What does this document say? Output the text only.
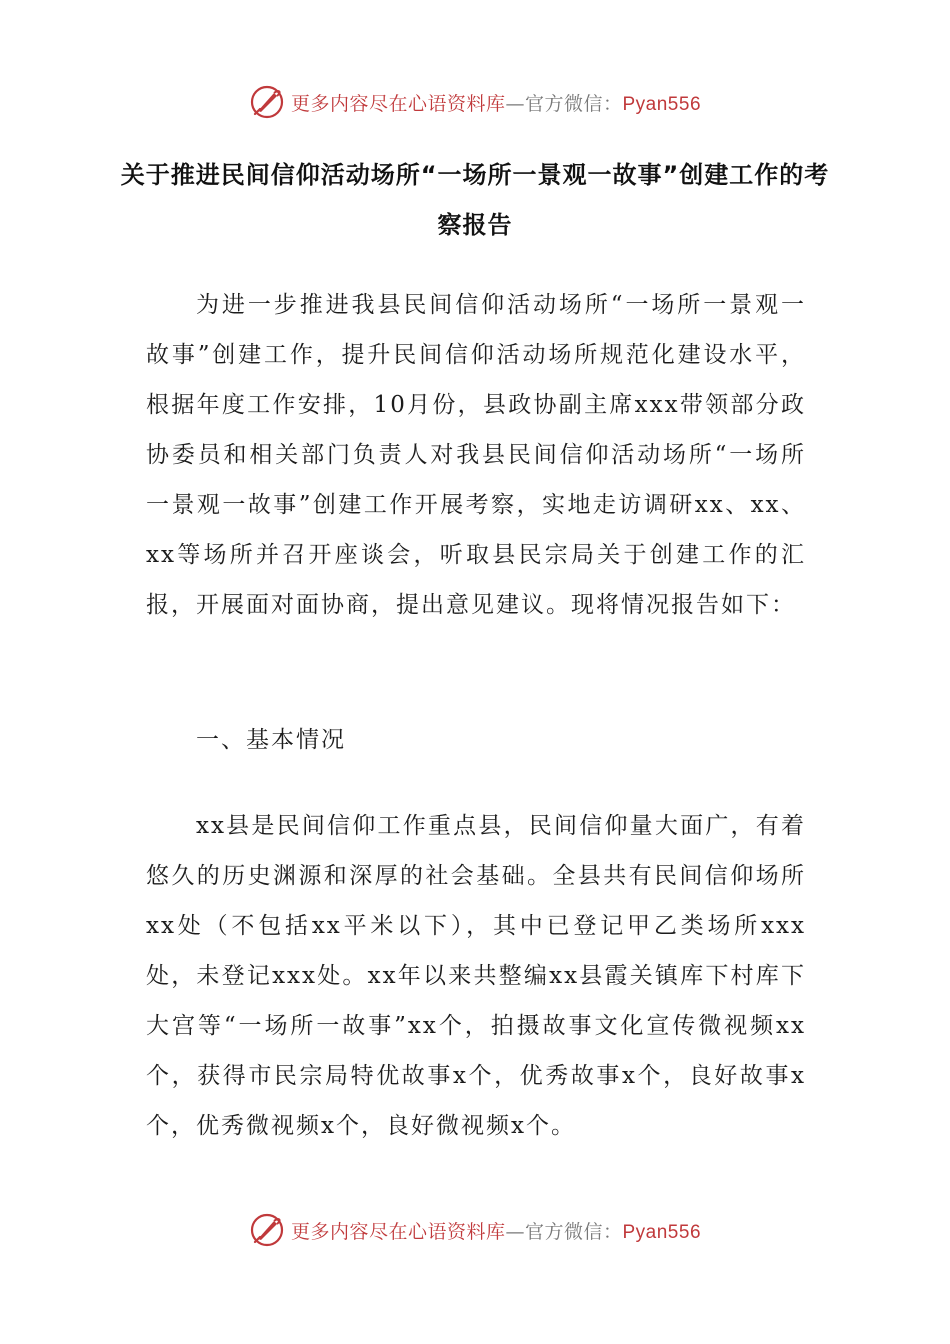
更多内容尽在心语资料库—官方微信：Pyan556
关于推进民间信仰活动场所“一场所一景观一故事”创建工作的考察报告
为进一步推进我县民间信仰活动场所“一场所一景观一故事”创建工作，提升民间信仰活动场所规范化建设水平，根据年度工作安排，10月份，县政协副主席xxx带领部分政协委员和相关部门负责人对我县民间信仰活动场所“一场所一景观一故事”创建工作开展考察，实地走访调研xx、xx、xx等场所并召开座谈会，听取县民宗局关于创建工作的汇报，开展面对面协商，提出意见建议。现将情况报告如下：
一、基本情况
xx县是民间信仰工作重点县，民间信仰量大面广，有着悠久的历史渊源和深厚的社会基础。全县共有民间信仰场所xx处（不包括xx平米以下），其中已登记甲乙类场所xxx处，未登记xxx处。xx年以来共整编xx县霞关镇库下村库下大宫等“一场所一故事”xx个，拍摄故事文化宣传微视频xx个，获得市民宗局特优故事x个，优秀故事x个，良好故事x个，优秀微视频x个，良好微视频x个。
更多内容尽在心语资料库—官方微信：Pyan556
